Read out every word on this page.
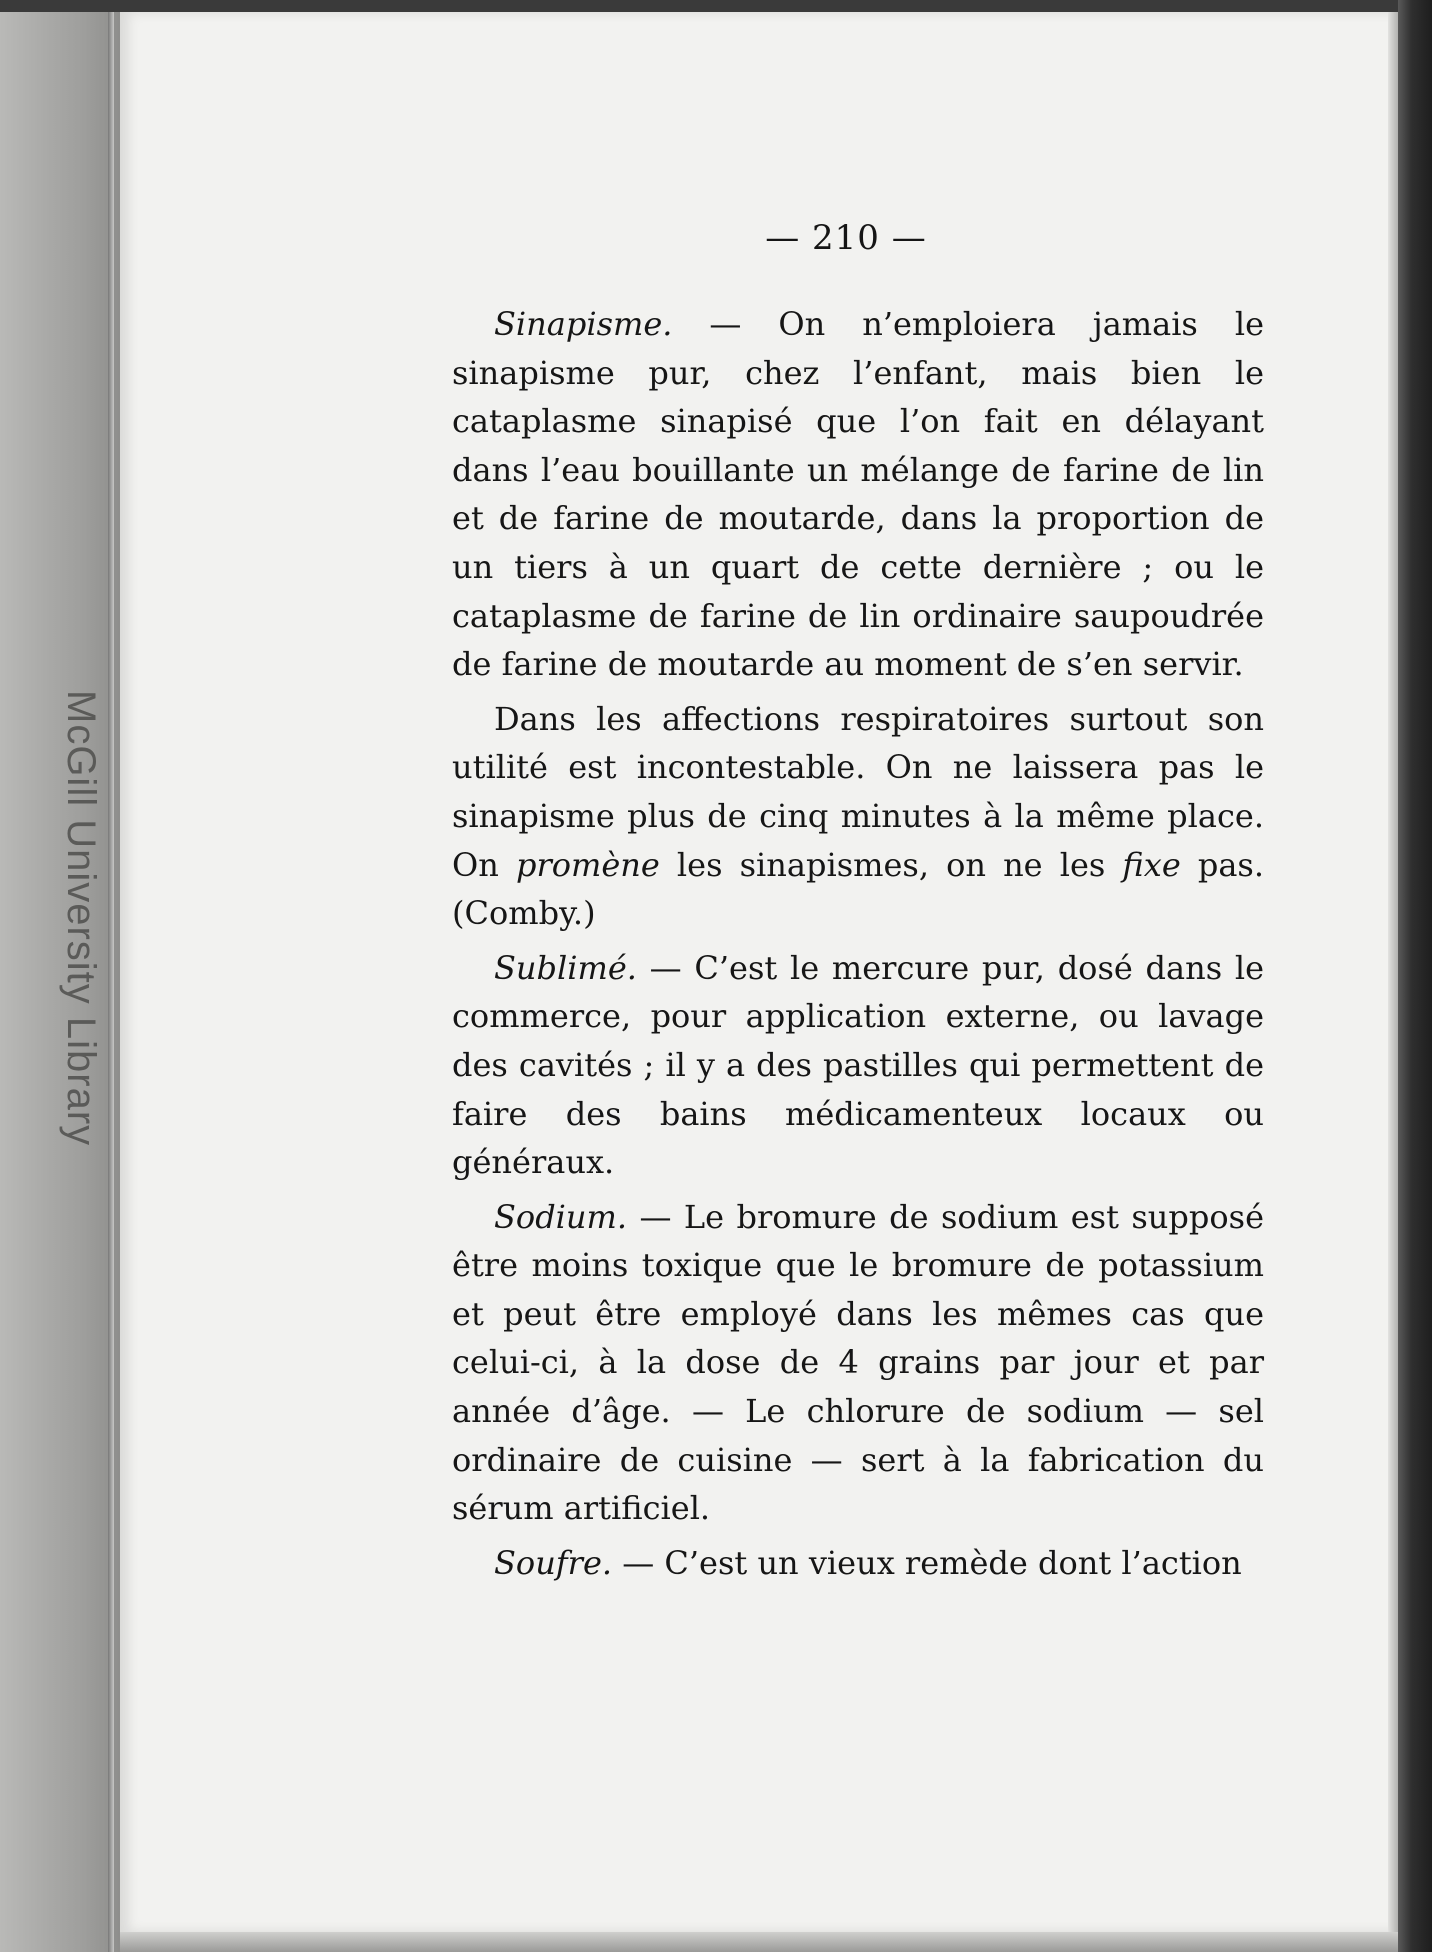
McGill University Library
— 210 —

Sinapisme. — On n’emploiera jamais le sinapisme pur, chez l’enfant, mais bien le cataplasme sinapisé que l’on fait en délayant dans l’eau bouillante un mélange de farine de lin et de farine de moutarde, dans la proportion de un tiers à un quart de cette dernière ; ou le cataplasme de farine de lin ordinaire saupoudrée de farine de moutarde au moment de s’en servir.

Dans les affections respiratoires surtout son utilité est incontestable. On ne laissera pas le sinapisme plus de cinq minutes à la même place. On promène les sinapismes, on ne les fixe pas. (Comby.)

Sublimé. — C’est le mercure pur, dosé dans le commerce, pour application externe, ou lavage des cavités ; il y a des pastilles qui permettent de faire des bains médicamenteux locaux ou généraux.

Sodium. — Le bromure de sodium est supposé être moins toxique que le bromure de potassium et peut être employé dans les mêmes cas que celui-ci, à la dose de 4 grains par jour et par année d’âge. — Le chlorure de sodium — sel ordinaire de cuisine — sert à la fabrication du sérum artificiel.

Soufre. — C’est un vieux remède dont l’action
